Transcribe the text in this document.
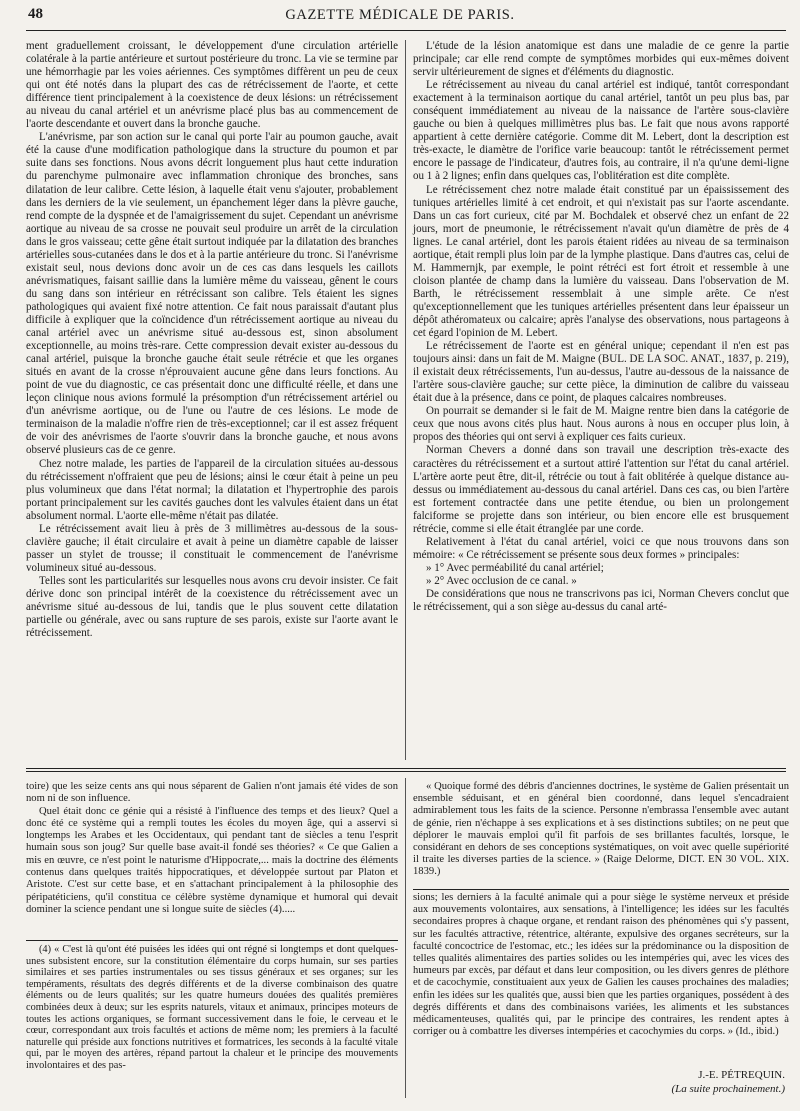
48	GAZETTE MÉDICALE DE PARIS.

ment graduellement croissant, le développement d'une circulation artérielle colatérale à la partie antérieure et surtout postérieure du tronc. La vie se termine par une hémorrhagie par les voies aériennes. Ces symptômes diffèrent un peu de ceux qui ont été notés dans la plupart des cas de rétrécissement de l'aorte, et cette différence tient principalement à la coexistence de deux lésions: un rétrécissement au niveau du canal artériel et un anévrisme placé plus bas au commencement de l'aorte descendante et ouvert dans la bronche gauche.

L'anévrisme, par son action sur le canal qui porte l'air au poumon gauche, avait été la cause d'une modification pathologique dans la structure du poumon et par suite dans ses fonctions. Nous avons décrit longuement plus haut cette induration du parenchyme pulmonaire avec inflammation chronique des bronches, sans dilatation de leur calibre. Cette lésion, à laquelle était venu s'ajouter, probablement dans les derniers de la vie seulement, un épanchement léger dans la plèvre gauche, rend compte de la dyspnée et de l'amaigrissement du sujet. Cependant un anévrisme aortique au niveau de sa crosse ne pouvait seul produire un arrêt de la circulation dans le gros vaisseau; cette gêne était surtout indiquée par la dilatation des branches artérielles sous-cutanées dans le dos et à la partie antérieure du tronc. Si l'anévrisme existait seul, nous devions donc avoir un de ces cas dans lesquels les caillots anévrismatiques, faisant saillie dans la lumière même du vaisseau, gênent le cours du sang dans son intérieur en rétrécissant son calibre. Tels étaient les signes pathologiques qui avaient fixé notre attention. Ce fait nous paraissait d'autant plus difficile à expliquer que la coïncidence d'un rétrécissement aortique au niveau du canal artériel avec un anévrisme situé au-dessous est, sinon absolument exceptionnelle, au moins très-rare. Cette compression devait exister au-dessous du canal artériel, puisque la bronche gauche était seule rétrécie et que les organes situés en avant de la crosse n'éprouvaient aucune gêne dans leurs fonctions. Au point de vue du diagnostic, ce cas présentait donc une difficulté réelle, et dans une leçon clinique nous avions formulé la présomption d'un rétrécissement artériel ou d'un anévrisme aortique, ou de l'une ou l'autre de ces lésions. Le mode de terminaison de la maladie n'offre rien de très-exceptionnel; car il est assez fréquent de voir des anévrismes de l'aorte s'ouvrir dans la bronche gauche, et nous avons observé plusieurs cas de ce genre.

Chez notre malade, les parties de l'appareil de la circulation situées au-dessous du rétrécissement n'offraient que peu de lésions; ainsi le cœur était à peine un peu plus volumineux que dans l'état normal; la dilatation et l'hypertrophie des parois portant principalement sur les cavités gauches dont les valvules étaient dans un état absolument normal. L'aorte elle-même n'était pas dilatée.

Le rétrécissement avait lieu à près de 3 millimètres au-dessous de la sous-clavière gauche; il était circulaire et avait à peine un diamètre capable de laisser passer un stylet de trousse; il constituait le commencement de l'anévrisme volumineux situé au-dessous.

Telles sont les particularités sur lesquelles nous avons cru devoir insister. Ce fait dérive donc son principal intérêt de la coexistence du rétrécissement avec un anévrisme situé au-dessous de lui, tandis que le plus souvent cette dilatation partielle ou générale, avec ou sans rupture de ses parois, existe sur l'aorte avant le rétrécissement.

L'étude de la lésion anatomique est dans une maladie de ce genre la partie principale; car elle rend compte de symptômes morbides qui eux-mêmes doivent servir ultérieurement de signes et d'éléments du diagnostic.

Le rétrécissement au niveau du canal artériel est indiqué, tantôt correspondant exactement à la terminaison aortique du canal artériel, tantôt un peu plus bas, par conséquent immédiatement au niveau de la naissance de l'artère sous-clavière gauche ou bien à quelques millimètres plus bas. Le fait que nous avons rapporté appartient à cette dernière catégorie. Comme dit M. Lebert, dont la description est très-exacte, le diamètre de l'orifice varie beaucoup: tantôt le rétrécissement permet encore le passage de l'indicateur, d'autres fois, au contraire, il n'a qu'une demi-ligne ou 1 à 2 lignes; enfin dans quelques cas, l'oblitération est dite complète.

Le rétrécissement chez notre malade était constitué par un épaississement des tuniques artérielles limité à cet endroit, et qui n'existait pas sur l'aorte ascendante. Dans un cas fort curieux, cité par M. Bochdalek et observé chez un enfant de 22 jours, mort de pneumonie, le rétrécissement n'avait qu'un diamètre de près de 4 lignes. Le canal artériel, dont les parois étaient ridées au niveau de sa terminaison aortique, était rempli plus loin par de la lymphe plastique. Dans d'autres cas, celui de M. Hammernjk, par exemple, le point rétréci est fort étroit et ressemble à une cloison plantée de champ dans la lumière du vaisseau. Dans l'observation de M. Barth, le rétrécissement ressemblait à une simple arête. Ce n'est qu'exceptionnellement que les tuniques artérielles présentent dans leur épaisseur un dépôt athéromateux ou calcaire; après l'analyse des observations, nous partageons à cet égard l'opinion de M. Lebert.

Le rétrécissement de l'aorte est en général unique; cependant il n'en est pas toujours ainsi: dans un fait de M. Maigne (BUL. DE LA SOC. ANAT., 1837, p. 219), il existait deux rétrécissements, l'un au-dessus, l'autre au-dessous de la naissance de l'artère sous-clavière gauche; sur cette pièce, la diminution de calibre du vaisseau était due à la présence, dans ce point, de plaques calcaires nombreuses.

On pourrait se demander si le fait de M. Maigne rentre bien dans la catégorie de ceux que nous avons cités plus haut. Nous aurons à nous en occuper plus loin, à propos des théories qui ont servi à expliquer ces faits curieux.

Norman Chevers a donné dans son travail une description très-exacte des caractères du rétrécissement et a surtout attiré l'attention sur l'état du canal artériel. L'artère aorte peut être, dit-il, rétrécie ou tout à fait oblitérée à quelque distance au-dessus ou immédiatement au-dessous du canal artériel. Dans ces cas, ou bien l'artère est fortement contractée dans une petite étendue, ou bien un prolongement falciforme se projette dans son intérieur, ou bien encore elle est brusquement rétrécie, comme si elle était étranglée par une corde.

Relativement à l'état du canal artériel, voici ce que nous trouvons dans son mémoire: « Ce rétrécissement se présente sous deux formes » principales:

» 1° Avec perméabilité du canal artériel;

» 2° Avec occlusion de ce canal. »

De considérations que nous ne transcrivons pas ici, Norman Chevers conclut que le rétrécissement, qui a son siège au-dessus du canal arté-

toire) que les seize cents ans qui nous séparent de Galien n'ont jamais été vides de son nom ni de son influence.

Quel était donc ce génie qui a résisté à l'influence des temps et des lieux? Quel a donc été ce système qui a rempli toutes les écoles du moyen âge, qui a asservi si longtemps les Arabes et les Occidentaux, qui pendant tant de siècles a tenu l'esprit humain sous son joug? Sur quelle base avait-il fondé ses théories? « Ce que Galien a mis en œuvre, ce n'est point le naturisme d'Hippocrate,... mais la doctrine des éléments contenus dans quelques traités hippocratiques, et développée surtout par Platon et Aristote. C'est sur cette base, et en s'attachant principalement à la philosophie des péripatéticiens, qu'il constitua ce célèbre système dynamique et humoral qui devait dominer la science pendant une si longue suite de siècles (4).....

(4) « C'est là qu'ont été puisées les idées qui ont régné si longtemps et dont quelques-unes subsistent encore, sur la constitution élémentaire du corps humain, sur ses parties similaires et ses parties instrumentales ou ses tissus généraux et ses organes; sur les tempéraments, résultats des degrés différents et de la diverse combinaison des quatre éléments ou de leurs qualités; sur les quatre humeurs douées des qualités premières combinées deux à deux; sur les esprits naturels, vitaux et animaux, principes moteurs de toutes les actions organiques, se formant successivement dans le foie, le cerveau et le cœur, correspondant aux trois facultés et actions de même nom; les premiers à la faculté naturelle qui préside aux fonctions nutritives et formatrices, les seconds à la faculté vitale qui, par le moyen des artères, répand partout la chaleur et le principe des mouvements involontaires et des pas-

« Quoique formé des débris d'anciennes doctrines, le système de Galien présentait un ensemble séduisant, et en général bien coordonné, dans lequel s'encadraient admirablement tous les faits de la science. Personne n'embrassa l'ensemble avec autant de génie, rien n'échappe à ses explications et à ses distinctions subtiles; on ne peut que déplorer le mauvais emploi qu'il fit parfois de ses brillantes facultés, lorsque, le considérant en dehors de ses conceptions systématiques, on voit avec quelle supériorité il traite les diverses parties de la science. » (Raige Delorme, DICT. EN 30 VOL. XIX. 1839.)

sions; les derniers à la faculté animale qui a pour siège le système nerveux et préside aux mouvements volontaires, aux sensations, à l'intelligence; les idées sur les facultés secondaires propres à chaque organe, et rendant raison des phénomènes qui s'y passent, sur les facultés attractive, rétentrice, altérante, expulsive des organes secréteurs, sur la faculté concoctrice de l'estomac, etc.; les idées sur la prédominance ou la disposition de telles qualités alimentaires des parties solides ou les intempéries qui, avec les vices des humeurs par excès, par défaut et dans leur composition, ou les divers genres de pléthore et de cacochymie, constituaient aux yeux de Galien les causes prochaines des maladies; enfin les idées sur les qualités que, aussi bien que les parties organiques, possédent à des degrés différents et dans des combinaisons variées, les aliments et les substances médicamenteuses, qualités qui, par le principe des contraires, les rendent aptes à corriger ou à combattre les diverses intempéries et cacochymies du corps. » (Id., ibid.)

J.-E. PÉTREQUIN.
(La suite prochainement.)
